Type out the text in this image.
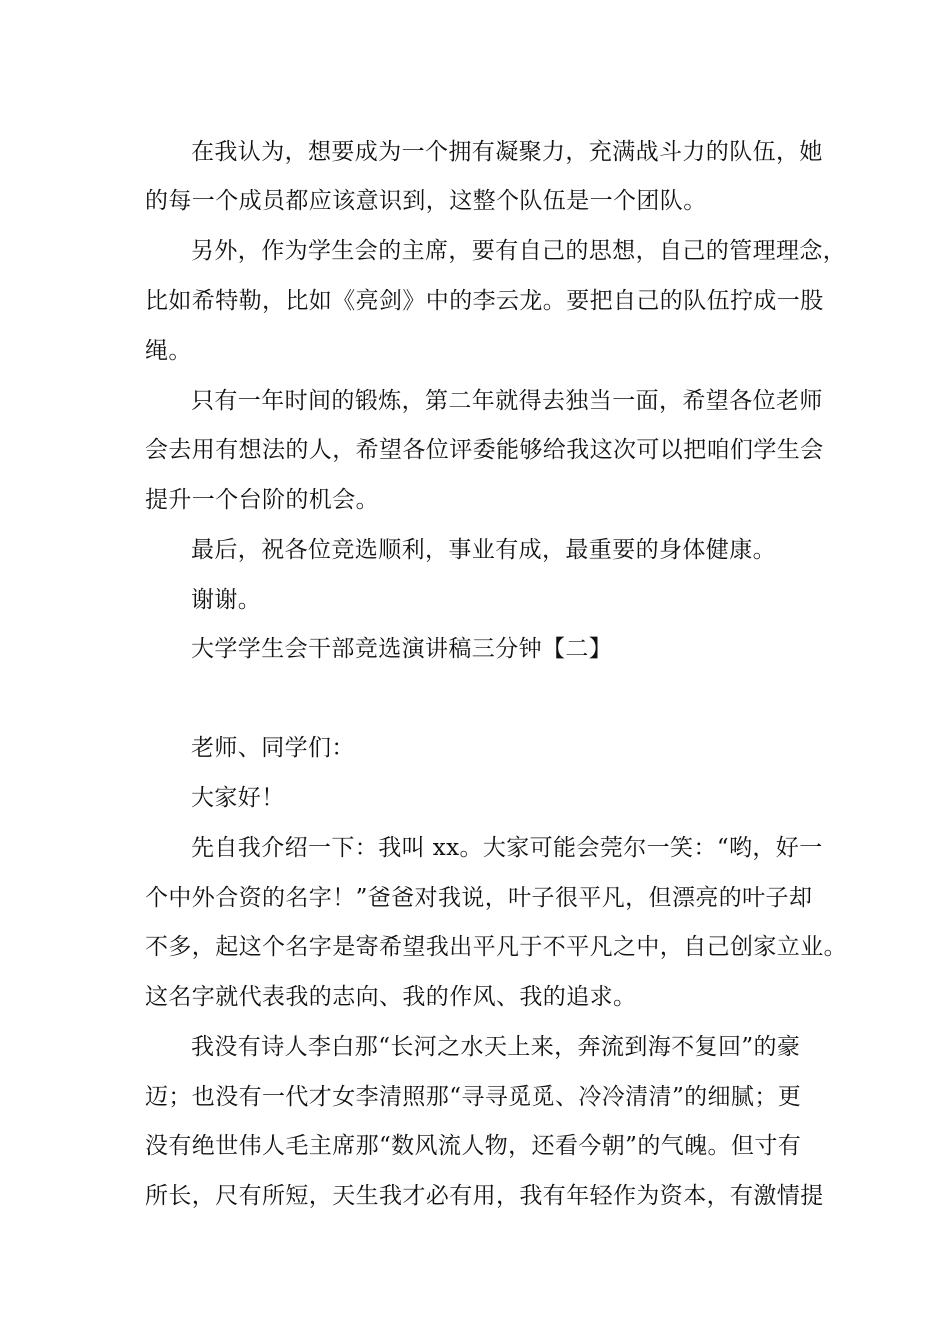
在我认为，想要成为一个拥有凝聚力，充满战斗力的队伍，她
的每一个成员都应该意识到，这整个队伍是一个团队。
另外，作为学生会的主席，要有自己的思想，自己的管理理念，
比如希特勒，比如《亮剑》中的李云龙。要把自己的队伍拧成一股
绳。
只有一年时间的锻炼，第二年就得去独当一面，希望各位老师
会去用有想法的人，希望各位评委能够给我这次可以把咱们学生会
提升一个台阶的机会。
最后，祝各位竞选顺利，事业有成，最重要的身体健康。
谢谢。
大学学生会干部竞选演讲稿三分钟【二】
老师、同学们：
大家好！
先自我介绍一下：我叫 xx。大家可能会莞尔一笑：“哟，好一
个中外合资的名字！”爸爸对我说，叶子很平凡，但漂亮的叶子却
不多，起这个名字是寄希望我出平凡于不平凡之中，自己创家立业。
这名字就代表我的志向、我的作风、我的追求。
我没有诗人李白那“长河之水天上来，奔流到海不复回”的豪
迈；也没有一代才女李清照那“寻寻觅觅、冷冷清清”的细腻；更
没有绝世伟人毛主席那“数风流人物，还看今朝”的气魄。但寸有
所长，尺有所短，天生我才必有用，我有年轻作为资本，有激情提
